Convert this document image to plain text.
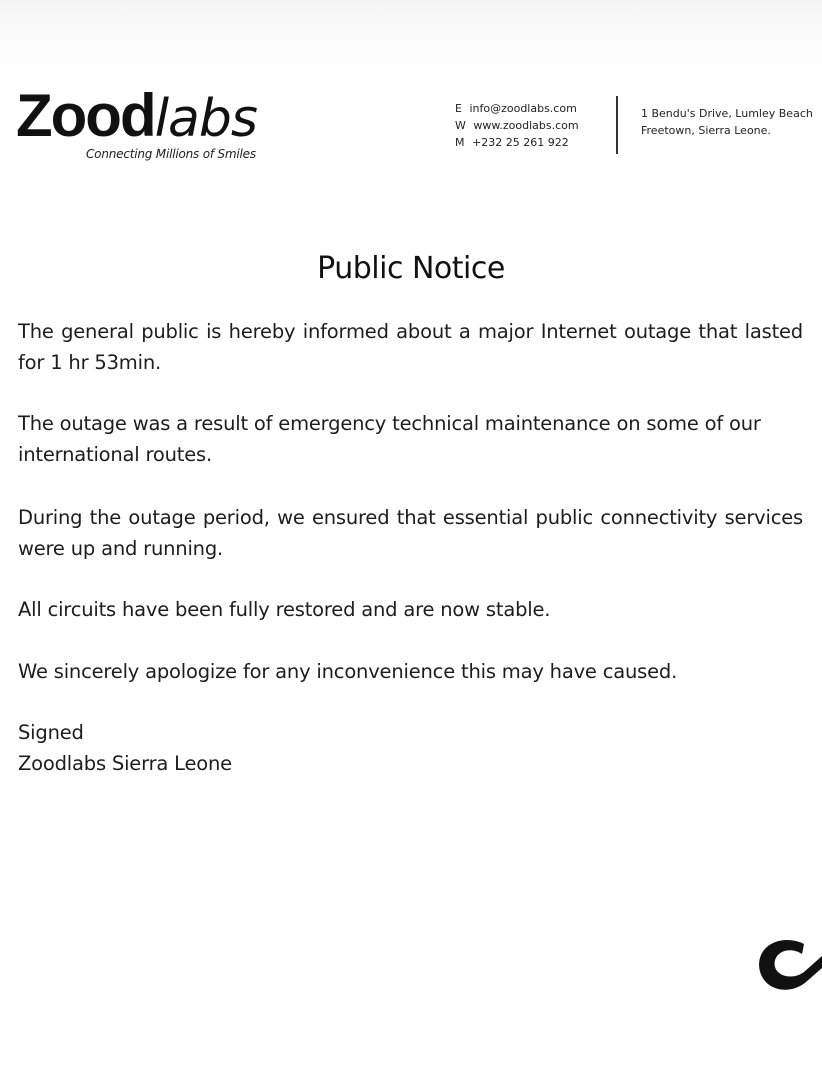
Zoodlabs
Connecting Millions of Smiles
E info@zoodlabs.com
W www.zoodlabs.com
M +232 25 261 922
1 Bendu's Drive, Lumley Beach
Freetown, Sierra Leone.
Public Notice
The general public is hereby informed about a major Internet outage that lasted for 1 hr 53min.
The outage was a result of emergency technical maintenance on some of our international routes.
During the outage period, we ensured that essential public connectivity services were up and running.
All circuits have been fully restored and are now stable.
We sincerely apologize for any inconvenience this may have caused.
Signed
Zoodlabs Sierra Leone
